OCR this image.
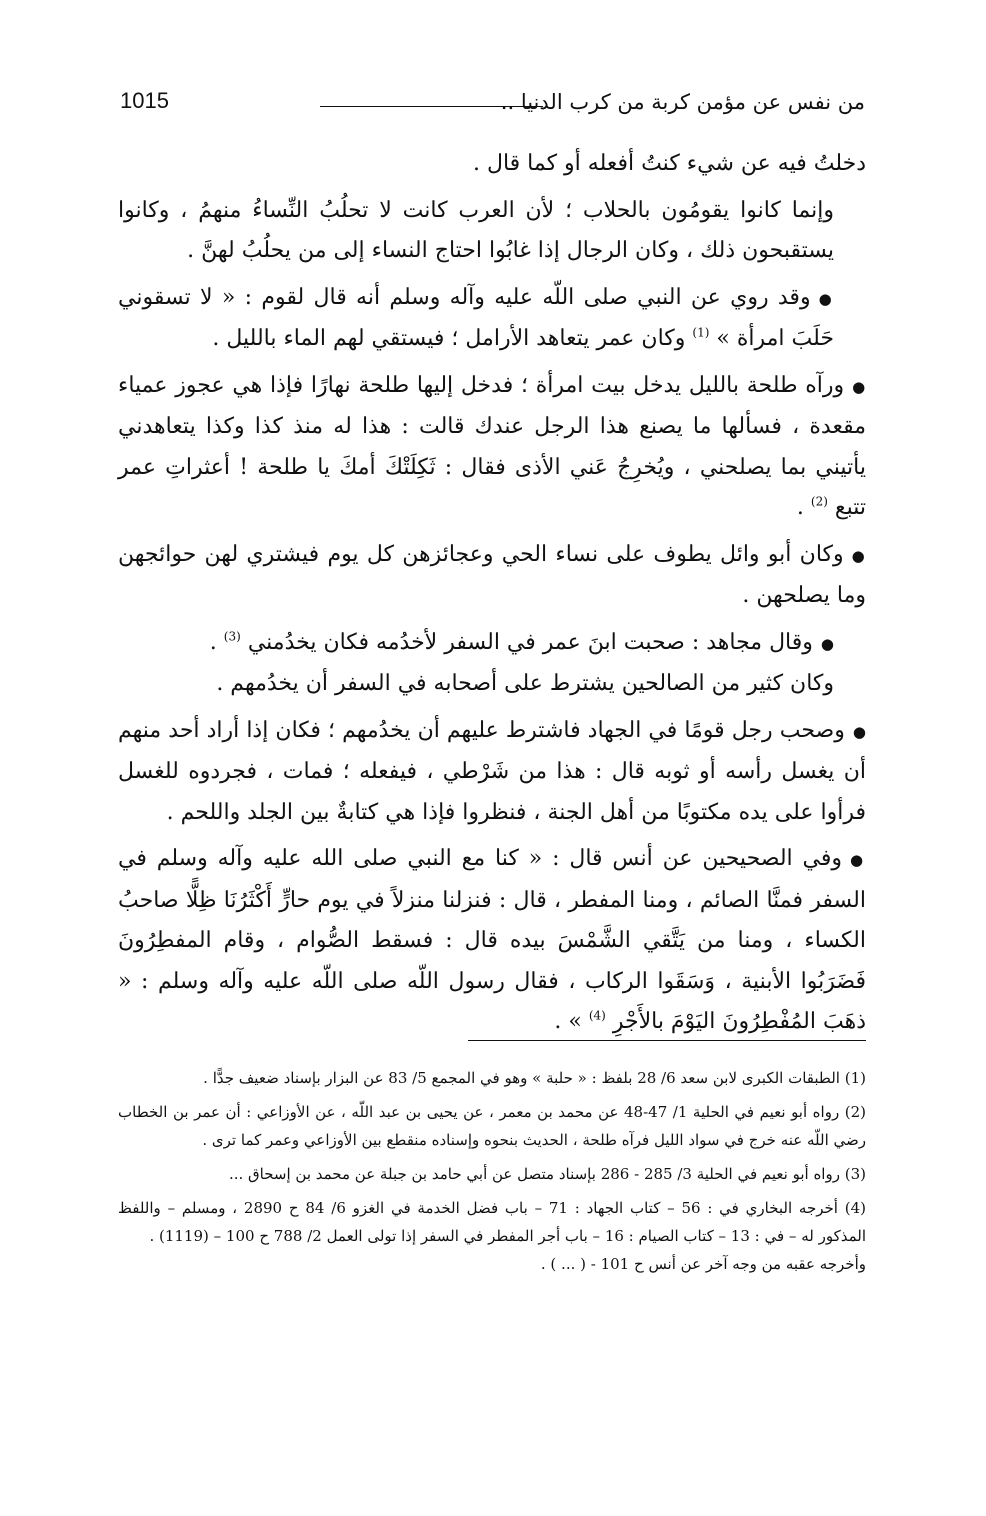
من نفس عن مؤمن كربة من كرب الدنيا ..
1015

دخلتُ فيه عن شيء كنتُ أفعله أو كما قال .

وإنما كانوا يقومُون بالحلاب ؛ لأن العرب كانت لا تحلُبُ النِّساءُ منهمُ ، وكانوا يستقبحون ذلك ، وكان الرجال إذا غابُوا احتاج النساء إلى من يحلُبُ لهنَّ .

●وقد روي عن النبي صلى اللّه عليه وآله وسلم أنه قال لقوم : « لا تسقوني حَلَبَ امرأة » $^{(1)}$ وكان عمر يتعاهد الأرامل ؛ فيستقي لهم الماء بالليل .

●ورآه طلحة بالليل يدخل بيت امرأة ؛ فدخل إليها طلحة نهارًا فإذا هي عجوز عمياء مقعدة ، فسألها ما يصنع هذا الرجل عندك قالت : هذا له منذ كذا وكذا يتعاهدني يأتيني بما يصلحني ، ويُخرِجُ عَني الأذى فقال : ثَكِلَتْكَ أمكَ يا طلحة ! أعثراتِ عمر تتبع $^{(2)}$ .

●وكان أبو وائل يطوف على نساء الحي وعجائزهن كل يوم فيشتري لهن حوائجهن وما يصلحهن .

●وقال مجاهد : صحبت ابنَ عمر في السفر لأخدُمه فكان يخدُمني $^{(3)}$ .

وكان كثير من الصالحين يشترط على أصحابه في السفر أن يخدُمهم .

●وصحب رجل قومًا في الجهاد فاشترط عليهم أن يخدُمهم ؛ فكان إذا أراد أحد منهم أن يغسل رأسه أو ثوبه قال : هذا من شَرْطي ، فيفعله ؛ فمات ، فجردوه للغسل فرأوا على يده مكتوبًا من أهل الجنة ، فنظروا فإذا هي كتابةٌ بين الجلد واللحم .

●وفي الصحيحين عن أنس قال : « كنا مع النبي صلى الله عليه وآله وسلم في السفر فمنَّا الصائم ، ومنا المفطر ، قال : فنزلنا منزلاً في يوم حارٍّ أَكْثَرُنَا ظِلًّا صاحبُ الكساء ، ومنا من يَتَّقي الشَّمْسَ بيده قال : فسقط الصُّوام ، وقام المفطِرُونَ فَضَرَبُوا الأبنية ، وَسَقَوا الركاب ، فقال رسول اللّه صلى اللّه عليه وآله وسلم : « ذهَبَ المُفْطِرُونَ اليَوْمَ بالأَجْرِ $^{(4)}$ » .

(1) الطبقات الكبرى لابن سعد 6/ 28 بلفظ : « حلبة » وهو في المجمع 5/ 83 عن البزار بإسناد ضعيف جدًّا .

(2) رواه أبو نعيم في الحلية 1/ 47-48 عن محمد بن معمر ، عن يحيى بن عبد اللّه ، عن الأوزاعي : أن عمر بن الخطاب رضي اللّه عنه خرج في سواد الليل فرآه طلحة ، الحديث بنحوه وإسناده منقطع بين الأوزاعي وعمر كما ترى .

(3) رواه أبو نعيم في الحلية 3/ 285 - 286 بإسناد متصل عن أبي حامد بن جبلة عن محمد بن إسحاق ...

(4) أخرجه البخاري في : 56 – كتاب الجهاد : 71 – باب فضل الخدمة في الغزو 6/ 84 ح 2890 ، ومسلم – واللفظ المذكور له – في : 13 – كتاب الصيام : 16 – باب أجر المفطر في السفر إذا تولى العمل 2/ 788 ح 100 – (1119) .

وأخرجه عقبه من وجه آخر عن أنس ح 101 - ( ... ) .
